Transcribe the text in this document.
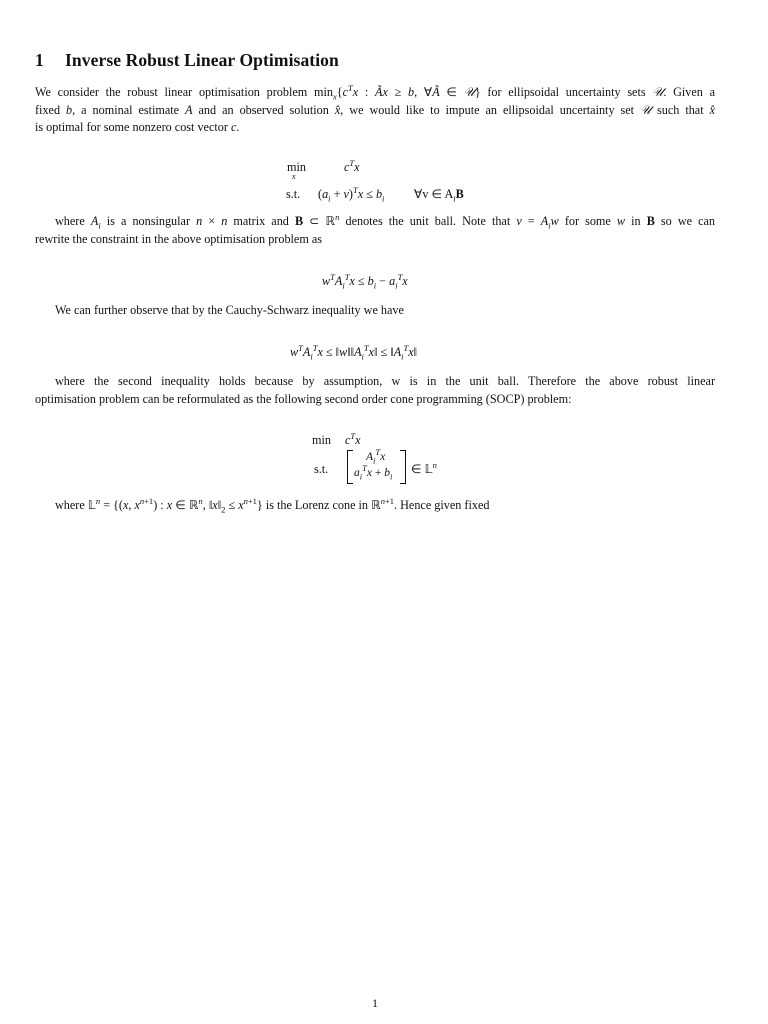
1 Inverse Robust Linear Optimisation
We consider the robust linear optimisation problem $\min_x\{c^Tx$ : Ãx ≥ b, ∀Ã ∈ 𝒰} for ellipsoidal uncertainty sets 𝒰. Given a
fixed b, a nominal estimate A and an observed solution x̂, we would like to impute an ellipsoidal uncertainty set 𝒰 such that x̂
is optimal for some nonzero cost vector c.
min
x
$c^Tx$
s.t. $(a_i + v)^Tx \le b_i$ ∀v ∈ $A_iB$
where $A_i$ is a nonsingular n × n matrix and B ⊂ ℝ$^n$ denotes the unit ball. Note that $v = A_iw$ for some w in B so we can
rewrite the constraint in the above optimisation problem as
$w^TA_i^Tx \le b_i - a_i^Tx$
We can further observe that by the Cauchy-Schwarz inequality we have
$w^TA_i^Tx$ ≤ $‖w‖‖A_i^Tx‖$ ≤ $‖A_i^Tx‖$
where the second inequality holds because by assumption, w is in the unit ball. Therefore the above robust linear
optimisation problem can be reformulated as the following second order cone programming (SOCP) problem:
$\min c^Tx$
s.t.
$A_i^Tx$
$a_i^Tx + b_i$
∈ 𝕃$^n$
where 𝕃$^n$ = {(x, $x^{n+1}$) : x ∈ ℝ$^n$, $‖x‖_2 \le x^{n+1}$} is the Lorenz cone in ℝ$^{n+1}$. Hence given fixed
1
